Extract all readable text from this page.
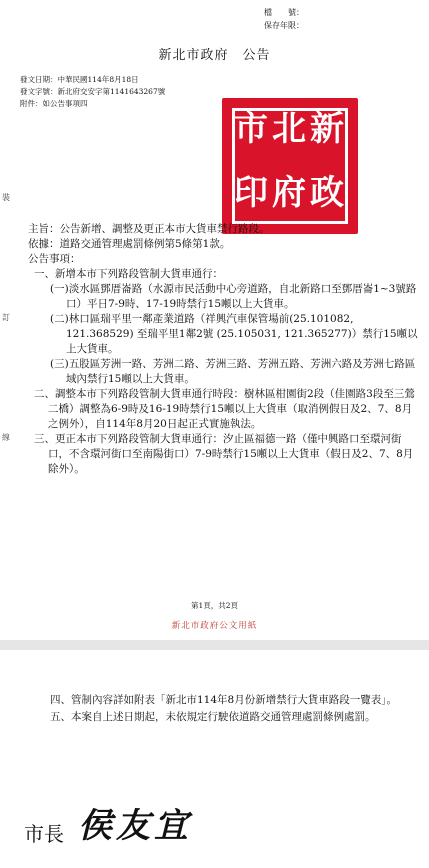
檔　　號：
保存年限：
新北市政府 公告
發文日期：中華民國114年8月18日
發文字號：新北府交安字第1141643267號
附件：如公告事項四
新
北
市
政
府
印
裝
訂
線

主旨：公告新增、調整及更正本市大貨車禁行路段。

依據：道路交通管理處罰條例第5條第1款。

公告事項：

一、新增本市下列路段管制大貨車通行：

(一)淡水區鄧厝崙路（水源市民活動中心旁道路，自北新路口至鄧厝崙1~3號路口）平日7-9時、17-19時禁行15噸以上大貨車。

(二)林口區瑞平里一鄰產業道路（祥興汽車保管場前(25.101082, 121.368529) 至瑞平里1鄰2號 (25.105031, 121.365277)）禁行15噸以上大貨車。

(三)五股區芳洲一路、芳洲二路、芳洲三路、芳洲五路、芳洲六路及芳洲七路區域內禁行15噸以上大貨車。

二、調整本市下列路段管制大貨車通行時段：樹林區柑園街2段（佳園路3段至三鶯二橋）調整為6-9時及16-19時禁行15噸以上大貨車（取消例假日及2、7、8月之例外），自114年8月20日起正式實施執法。

三、更正本市下列路段管制大貨車通行：汐止區福德一路（僅中興路口至環河街口，不含環河街口至南陽街口）7-9時禁行15噸以上大貨車（假日及2、7、8月除外）。

第1頁，共2頁
新北市政府公文用紙

四、管制內容詳如附表「新北市114年8月份新增禁行大貨車路段一覽表」。

五、本案自上述日期起，未依規定行駛依道路交通管理處罰條例處罰。

市長 侯友宜
